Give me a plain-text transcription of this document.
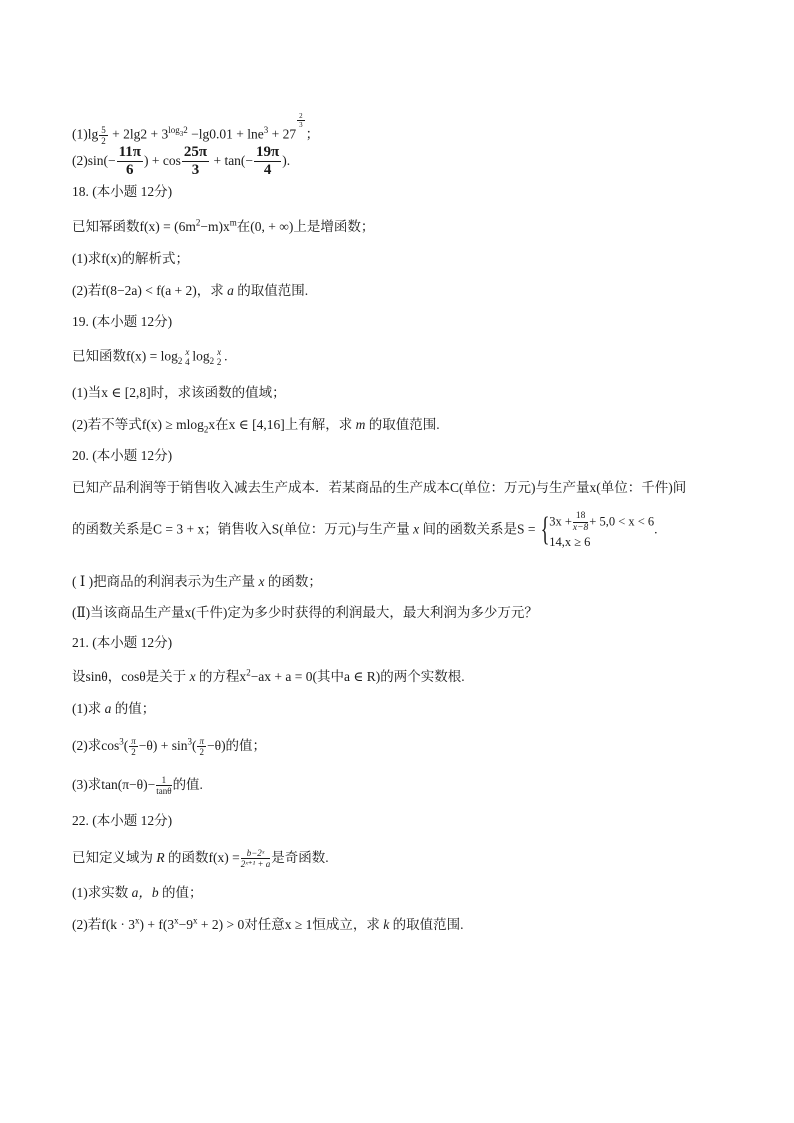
$(1)\lg \frac{5}{2} + 2\lg 2 + 3^{log_32} -\lg 0.01 + \ln e^3 + 27$
$^{\frac{2}{3}}$
；
$(2)\sin(- \frac{11\pi}{6}$ ) + $\cos \frac{25\pi}{3} + \tan(- \frac{19\pi}{4}$ ).
18. (本小题 12分)
已知幂函数$f(x) = (6m^2-m)x^m$在(0, + ∞)上是增函数；
(1)求f(x)的解析式；
(2)若f(8−2a) < f(a + 2)，求 a 的取值范围.
19. (本小题 12分)
已知函数$f(x) = \log_2$
x
4 $\log_2$
x
2 .
(1)当x ∈ [2,8]时，求该函数的值域；
(2)若不等式f(x) ≥ mlog$_2$x在x ∈ [4,16]上有解，求 m 的取值范围.
20. (本小题 12分)
已知产品利润等于销售收入减去生产成本．若某商品的生产成本C(单位：万元)与生产量x(单位：千件)间
的函数关系是C = 3 + x；销售收入S(单位：万元)与生产量 x 间的函数关系是S = { $3x + \frac{18}{x-8} + 5,0 < x < 6$
14,x ≥ 6
.
( Ⅰ )把商品的利润表示为生产量 x 的函数；
(Ⅱ)当该商品生产量x(千件)定为多少时获得的利润最大，最大利润为多少万元？
21. (本小题 12分)
设sinθ，cosθ是关于 x 的方程$x^2-ax + a = 0$(其中a ∈ R)的两个实数根.
(1)求 a 的值；
(2)求$\cos^3( \frac{\pi}{2} -\theta) + \sin^3( \frac{\pi}{2} -\theta)$的值；
(3)求$\tan(\pi-\theta)- \frac{1}{\tan\theta}$ 的值.
22. (本小题 12分)
已知定义域为 R 的函数$f(x) = \frac{\text{b−2ˣ}}{\text{2ˣ⁺¹ + a}}$ 是奇函数.
(1)求实数 a，b 的值；
(2)若$f(k \cdot 3^x) + f(3^x-9^x + 2) > 0$对任意x ≥ 1恒成立，求 k 的取值范围.
